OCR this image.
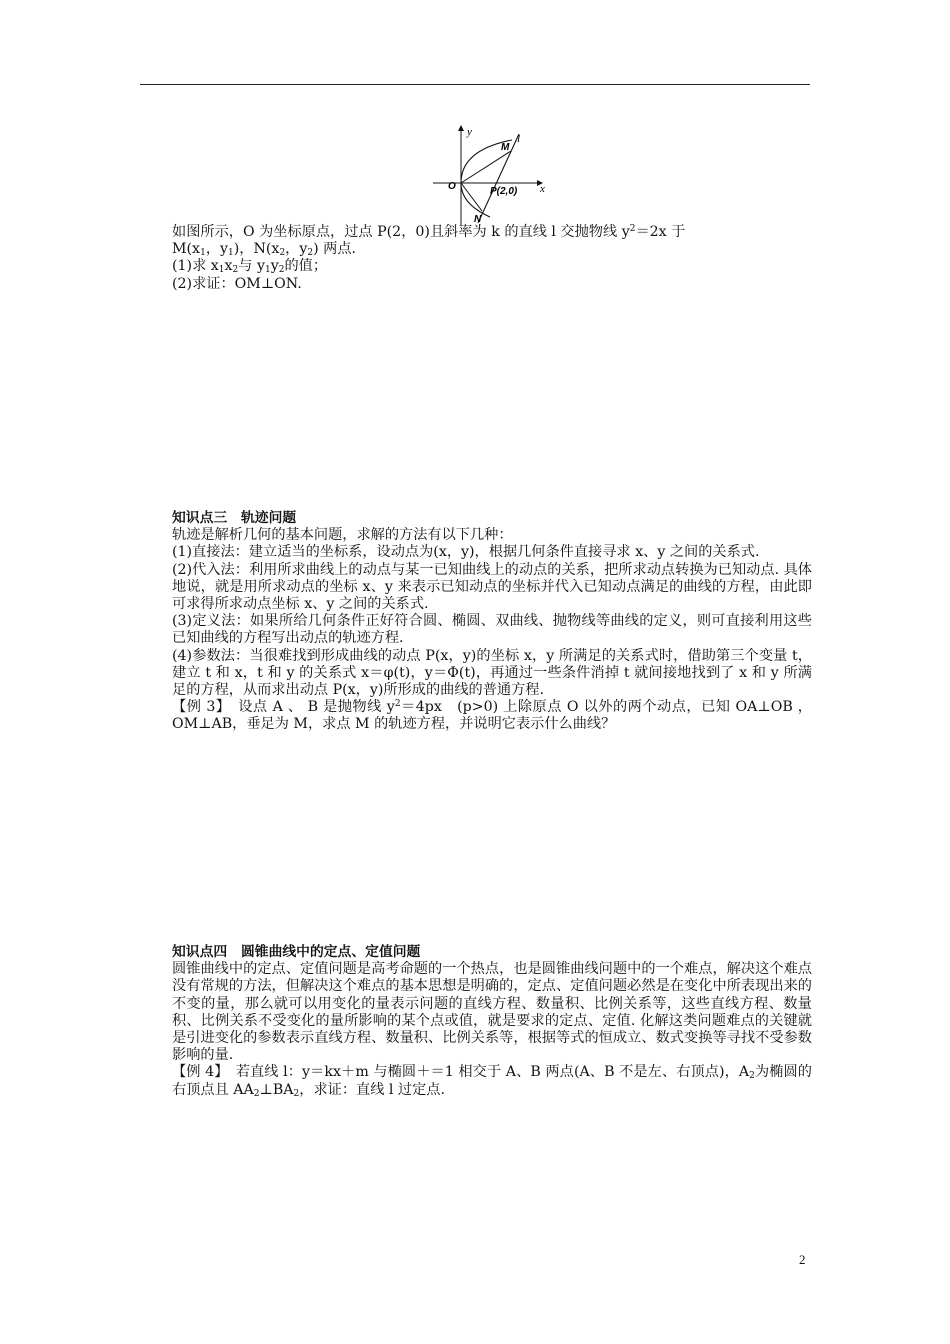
y
l
M
O	P(2,0) x
N

如图所示，O 为坐标原点，过点 P(2，0)且斜率为 k 的直线 l 交抛物线 $y^2=2x$ 于
$M(x_1$，$y_1$)，$N(x_2$，$y_2$) 两点.

(1)求 $x_1x_2$与 $y_1y_2$的值；

(2)求证：OM⊥ON.

知识点三　轨迹问题

轨迹是解析几何的基本问题，求解的方法有以下几种：

(1)直接法：建立适当的坐标系，设动点为(x，y)，根据几何条件直接寻求 x、y 之间的关系式.

(2)代入法：利用所求曲线上的动点与某一已知曲线上的动点的关系，把所求动点转换为已知动点. 具体地说，就是用所求动点的坐标 x、y 来表示已知动点的坐标并代入已知动点满足的曲线的方程，由此即可求得所求动点坐标 x、y 之间的关系式.

(3)定义法：如果所给几何条件正好符合圆、椭圆、双曲线、抛物线等曲线的定义，则可直接利用这些已知曲线的方程写出动点的轨迹方程.

(4)参数法：当很难找到形成曲线的动点 P(x，y)的坐标 x，y 所满足的关系式时，借助第三个变量 t，建立 t 和 x，t 和 y 的关系式 x＝φ(t)，y＝Φ(t)，再通过一些条件消掉 t 就间接地找到了 x 和 y 所满足的方程，从而求出动点 P(x，y)所形成的曲线的普通方程.

【例 3】　设点 A 、 B 是抛物线 $y^2=4px$　(p>0) 上除原点 O 以外的两个动点，已知 OA⊥OB ，OM⊥AB，垂足为 M，求点 M 的轨迹方程，并说明它表示什么曲线？

知识点四　圆锥曲线中的定点、定值问题

圆锥曲线中的定点、定值问题是高考命题的一个热点，也是圆锥曲线问题中的一个难点，解决这个难点没有常规的方法，但解决这个难点的基本思想是明确的，定点、定值问题必然是在变化中所表现出来的不变的量，那么就可以用变化的量表示问题的直线方程、数量积、比例关系等，这些直线方程、数量积、比例关系不受变化的量所影响的某个点或值，就是要求的定点、定值. 化解这类问题难点的关键就是引进变化的参数表示直线方程、数量积、比例关系等，根据等式的恒成立、数式变换等寻找不受参数影响的量.

【例 4】　若直线 l：y＝kx＋m 与椭圆＋＝1 相交于 A、B 两点(A、B 不是左、右顶点)，$A_2$为椭圆的右顶点且 $AA_2\perp BA_2$，求证：直线 l 过定点.

2
